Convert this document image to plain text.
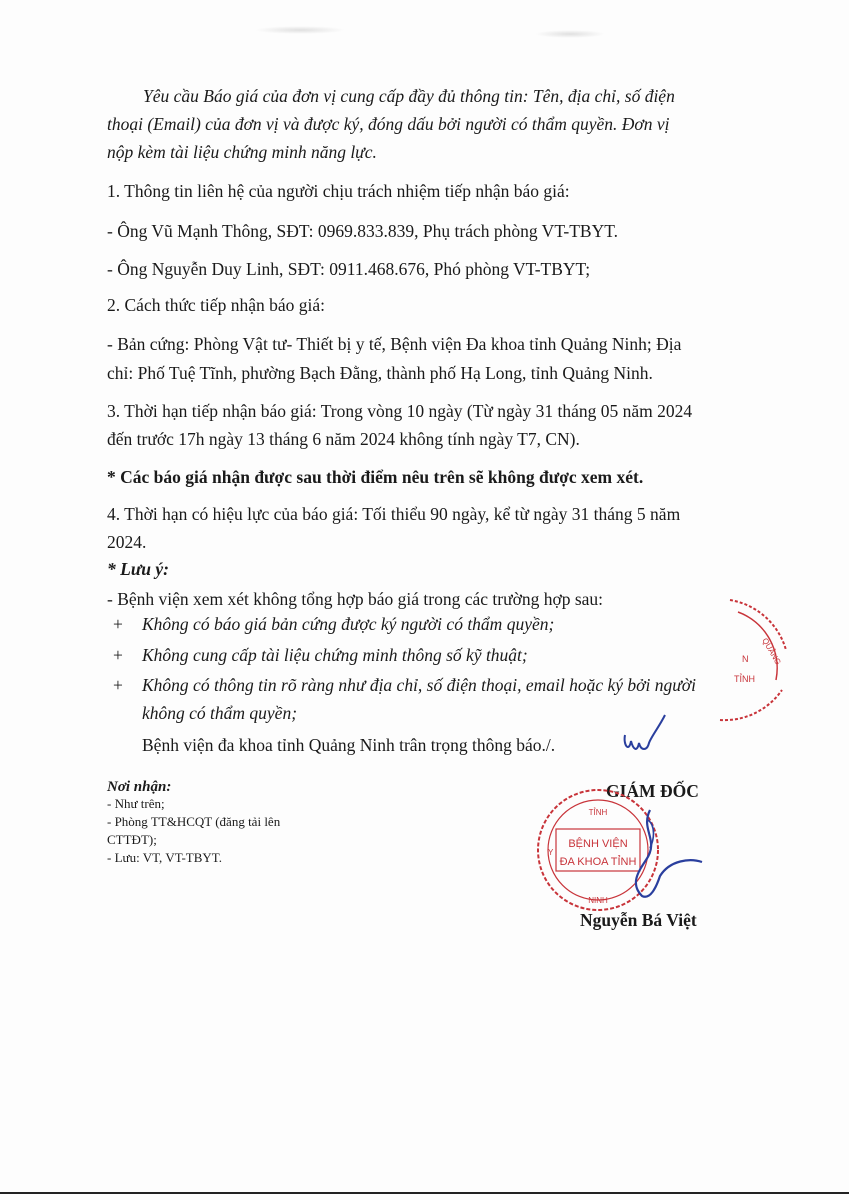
Yêu cầu Báo giá của đơn vị cung cấp đầy đủ thông tin: Tên, địa chỉ, số điện
thoại (Email) của đơn vị và được ký, đóng dấu bởi người có thẩm quyền. Đơn vị
nộp kèm tài liệu chứng minh năng lực.
1. Thông tin liên hệ của người chịu trách nhiệm tiếp nhận báo giá:
- Ông Vũ Mạnh Thông, SĐT: 0969.833.839, Phụ trách phòng VT-TBYT.
- Ông Nguyễn Duy Linh, SĐT: 0911.468.676, Phó phòng VT-TBYT;
2. Cách thức tiếp nhận báo giá:
- Bản cứng: Phòng Vật tư- Thiết bị y tế, Bệnh viện Đa khoa tỉnh Quảng Ninh; Địa
chỉ: Phố Tuệ Tĩnh, phường Bạch Đằng, thành phố Hạ Long, tỉnh Quảng Ninh.
3. Thời hạn tiếp nhận báo giá: Trong vòng 10 ngày (Từ ngày 31 tháng 05 năm 2024
đến trước 17h ngày 13 tháng 6 năm 2024 không tính ngày T7, CN).
* Các báo giá nhận được sau thời điểm nêu trên sẽ không được xem xét.
4. Thời hạn có hiệu lực của báo giá: Tối thiểu 90 ngày, kể từ ngày 31 tháng 5 năm
2024.
* Lưu ý:
- Bệnh viện xem xét không tổng hợp báo giá trong các trường hợp sau:
+ Không có báo giá bản cứng được ký người có thẩm quyền;
+ Không cung cấp tài liệu chứng minh thông số kỹ thuật;
+ Không có thông tin rõ ràng như địa chỉ, số điện thoại, email hoặc ký bởi người
không có thẩm quyền;
Bệnh viện đa khoa tỉnh Quảng Ninh trân trọng thông báo./.
N
TỈNH
QUẢNG
Nơi nhận:
- Như trên;
- Phòng TT&HCQT (đăng tải lên
CTTĐT);
- Lưu: VT, VT-TBYT.
GIÁM ĐỐC
TỈNH
Y
NINH
BỆNH VIỆN
ĐA KHOA TỈNH
Nguyễn Bá Việt
